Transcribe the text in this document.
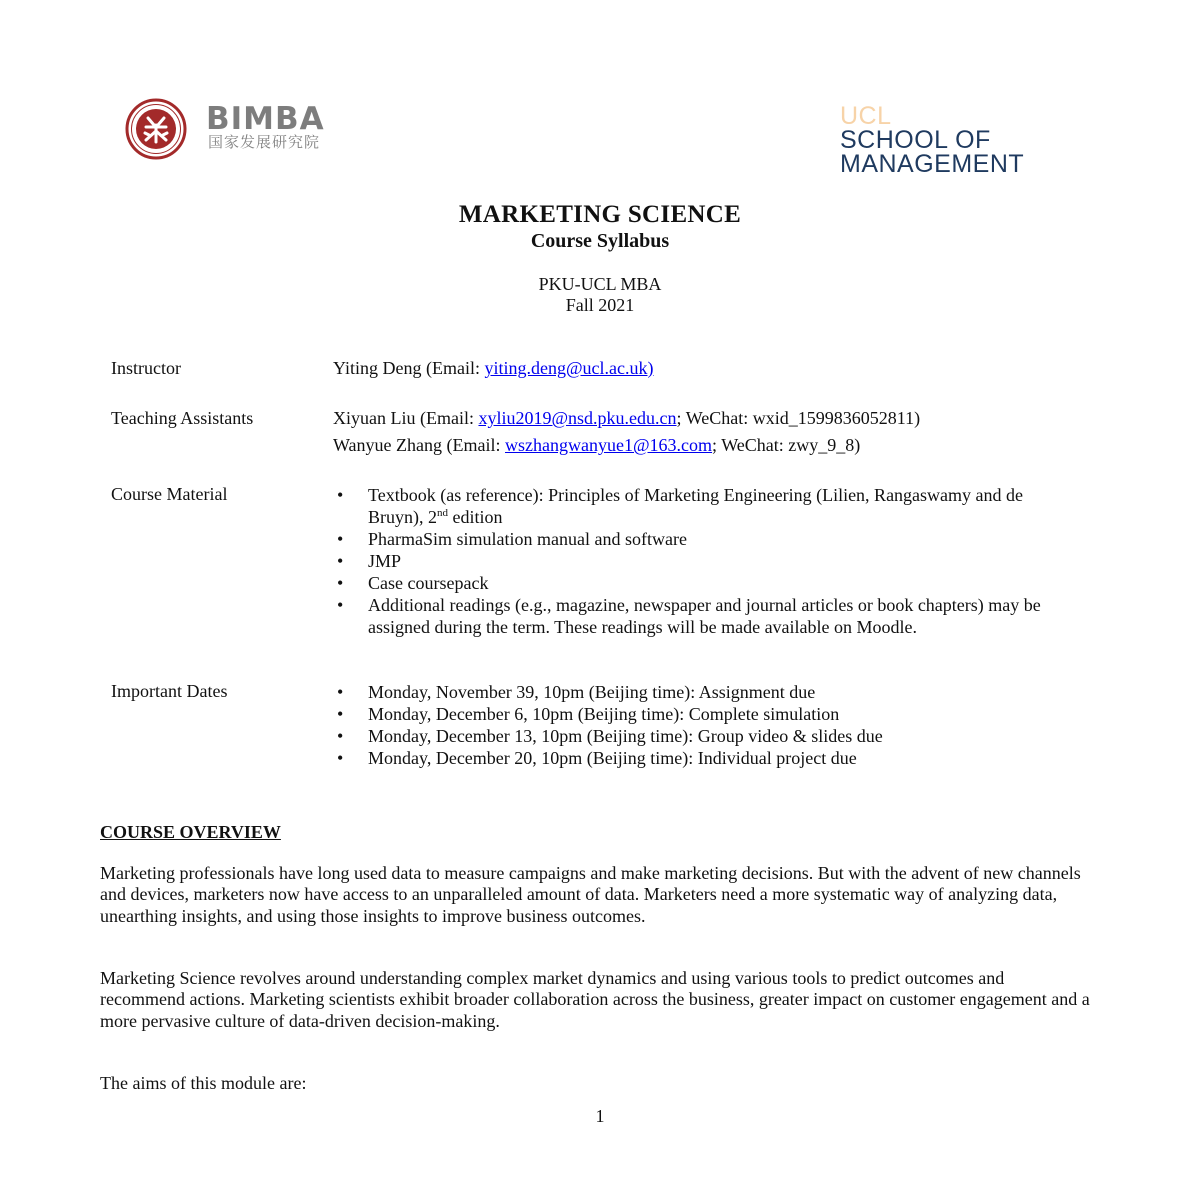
BIMBA
国家发展研究院
UCL
SCHOOL OF
MANAGEMENT
MARKETING SCIENCE
Course Syllabus
PKU-UCL MBA
Fall 2021
Instructor	Yiting Deng (Email: yiting.deng@ucl.ac.uk)
Teaching Assistants	Xiyuan Liu (Email: xyliu2019@nsd.pku.edu.cn; WeChat: wxid_1599836052811)
Wanyue Zhang (Email: wszhangwanyue1@163.com; WeChat: zwy_9_8)
Course Material	• Textbook (as reference): Principles of Marketing Engineering (Lilien, Rangaswamy and de Bruyn), 2nd edition
• PharmaSim simulation manual and software
• JMP
• Case coursepack
• Additional readings (e.g., magazine, newspaper and journal articles or book chapters) may be assigned during the term. These readings will be made available on Moodle.
Important Dates	• Monday, November 39, 10pm (Beijing time): Assignment due
• Monday, December 6, 10pm (Beijing time): Complete simulation
• Monday, December 13, 10pm (Beijing time): Group video & slides due
• Monday, December 20, 10pm (Beijing time): Individual project due
COURSE OVERVIEW
Marketing professionals have long used data to measure campaigns and make marketing decisions. But with the advent of new channels and devices, marketers now have access to an unparalleled amount of data. Marketers need a more systematic way of analyzing data, unearthing insights, and using those insights to improve business outcomes.
Marketing Science revolves around understanding complex market dynamics and using various tools to predict outcomes and recommend actions. Marketing scientists exhibit broader collaboration across the business, greater impact on customer engagement and a more pervasive culture of data-driven decision-making.
The aims of this module are:
1
